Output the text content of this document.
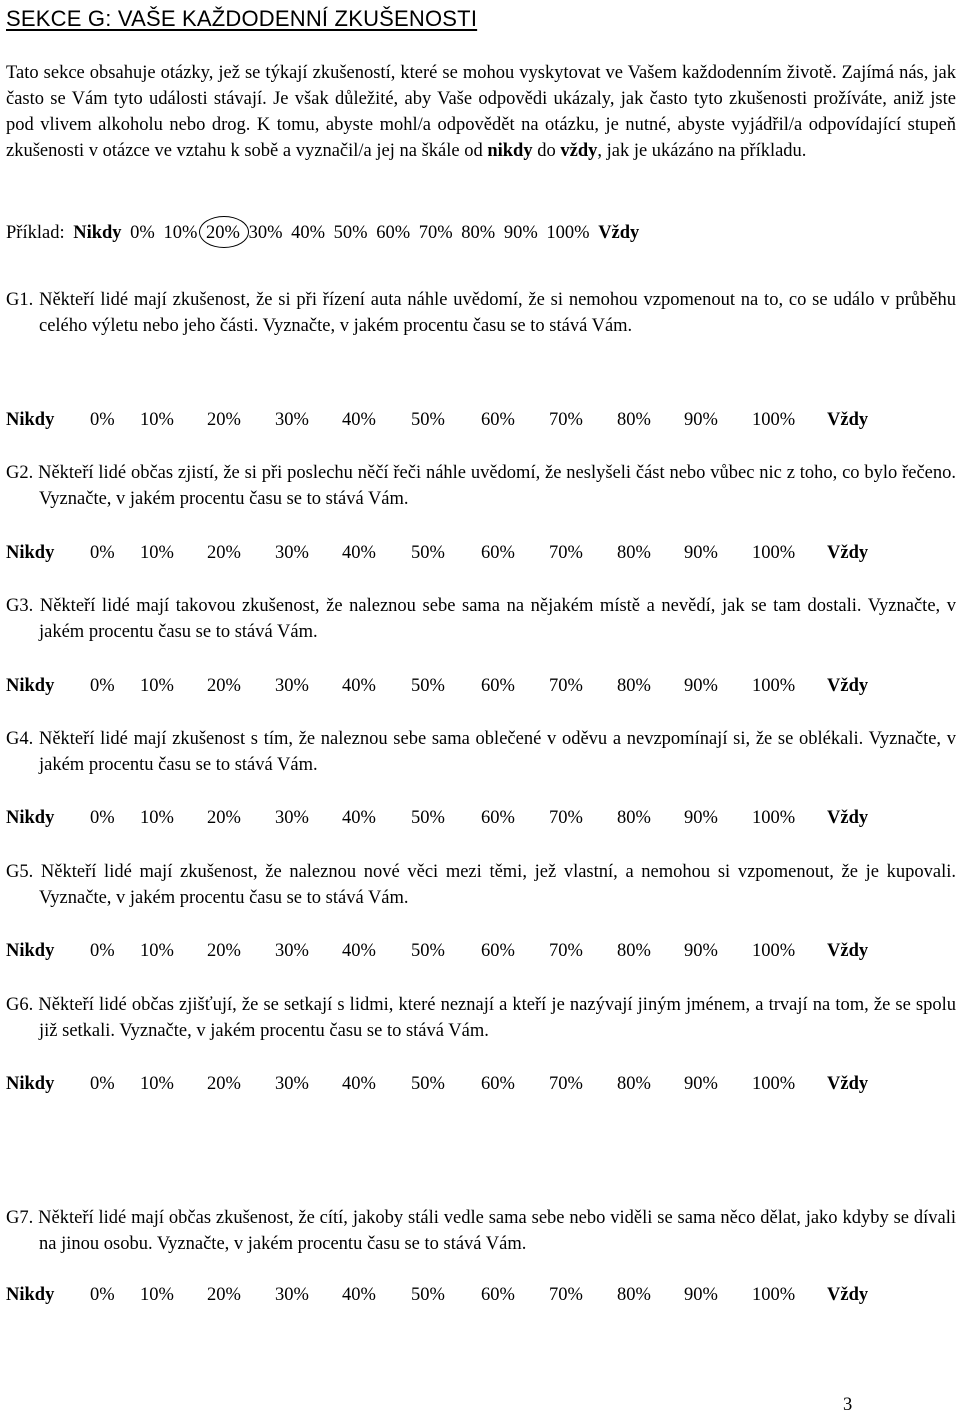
SEKCE G: VAŠE KAŽDODENNÍ ZKUŠENOSTI

Tato sekce obsahuje otázky, jež se týkají zkušeností, které se mohou vyskytovat ve Vašem každodenním životě. Zajímá nás, jak často se Vám tyto události stávají. Je však důležité, aby Vaše odpovědi ukázaly, jak často tyto zkušenosti prožíváte, aniž jste pod vlivem alkoholu nebo drog. K tomu, abyste mohl/a odpovědět na otázku, je nutné, abyste vyjádřil/a odpovídající stupeň zkušenosti v otázce ve vztahu k sobě a vyznačil/a jej na škále od nikdy do vždy, jak je ukázáno na příkladu.

Příklad: Nikdy 0% 10% 20% 30% 40% 50% 60% 70% 80% 90% 100% Vždy

G1. Někteří lidé mají zkušenost, že si při řízení auta náhle uvědomí, že si nemohou vzpomenout na to, co se událo v průběhu celého výletu nebo jeho části. Vyznačte, v jakém procentu času se to stává Vám.
Nikdy 0% 10% 20% 30% 40% 50% 60% 70% 80% 90% 100% Vždy
G2. Někteří lidé občas zjistí, že si při poslechu něčí řeči náhle uvědomí, že neslyšeli část nebo vůbec nic z toho, co bylo řečeno. Vyznačte, v jakém procentu času se to stává Vám.
Nikdy 0% 10% 20% 30% 40% 50% 60% 70% 80% 90% 100% Vždy
G3. Někteří lidé mají takovou zkušenost, že naleznou sebe sama na nějakém místě a nevědí, jak se tam dostali. Vyznačte, v jakém procentu času se to stává Vám.
Nikdy 0% 10% 20% 30% 40% 50% 60% 70% 80% 90% 100% Vždy
G4. Někteří lidé mají zkušenost s tím, že naleznou sebe sama oblečené v oděvu a nevzpomínají si, že se oblékali. Vyznačte, v jakém procentu času se to stává Vám.
Nikdy 0% 10% 20% 30% 40% 50% 60% 70% 80% 90% 100% Vždy
G5. Někteří lidé mají zkušenost, že naleznou nové věci mezi těmi, jež vlastní, a nemohou si vzpomenout, že je kupovali. Vyznačte, v jakém procentu času se to stává Vám.
Nikdy 0% 10% 20% 30% 40% 50% 60% 70% 80% 90% 100% Vždy
G6. Někteří lidé občas zjišťují, že se setkají s lidmi, které neznají a kteří je nazývají jiným jménem, a trvají na tom, že se spolu již setkali. Vyznačte, v jakém procentu času se to stává Vám.
Nikdy 0% 10% 20% 30% 40% 50% 60% 70% 80% 90% 100% Vždy
G7. Někteří lidé mají občas zkušenost, že cítí, jakoby stáli vedle sama sebe nebo viděli se sama něco dělat, jako kdyby se dívali na jinou osobu. Vyznačte, v jakém procentu času se to stává Vám.
Nikdy 0% 10% 20% 30% 40% 50% 60% 70% 80% 90% 100% Vždy
3
